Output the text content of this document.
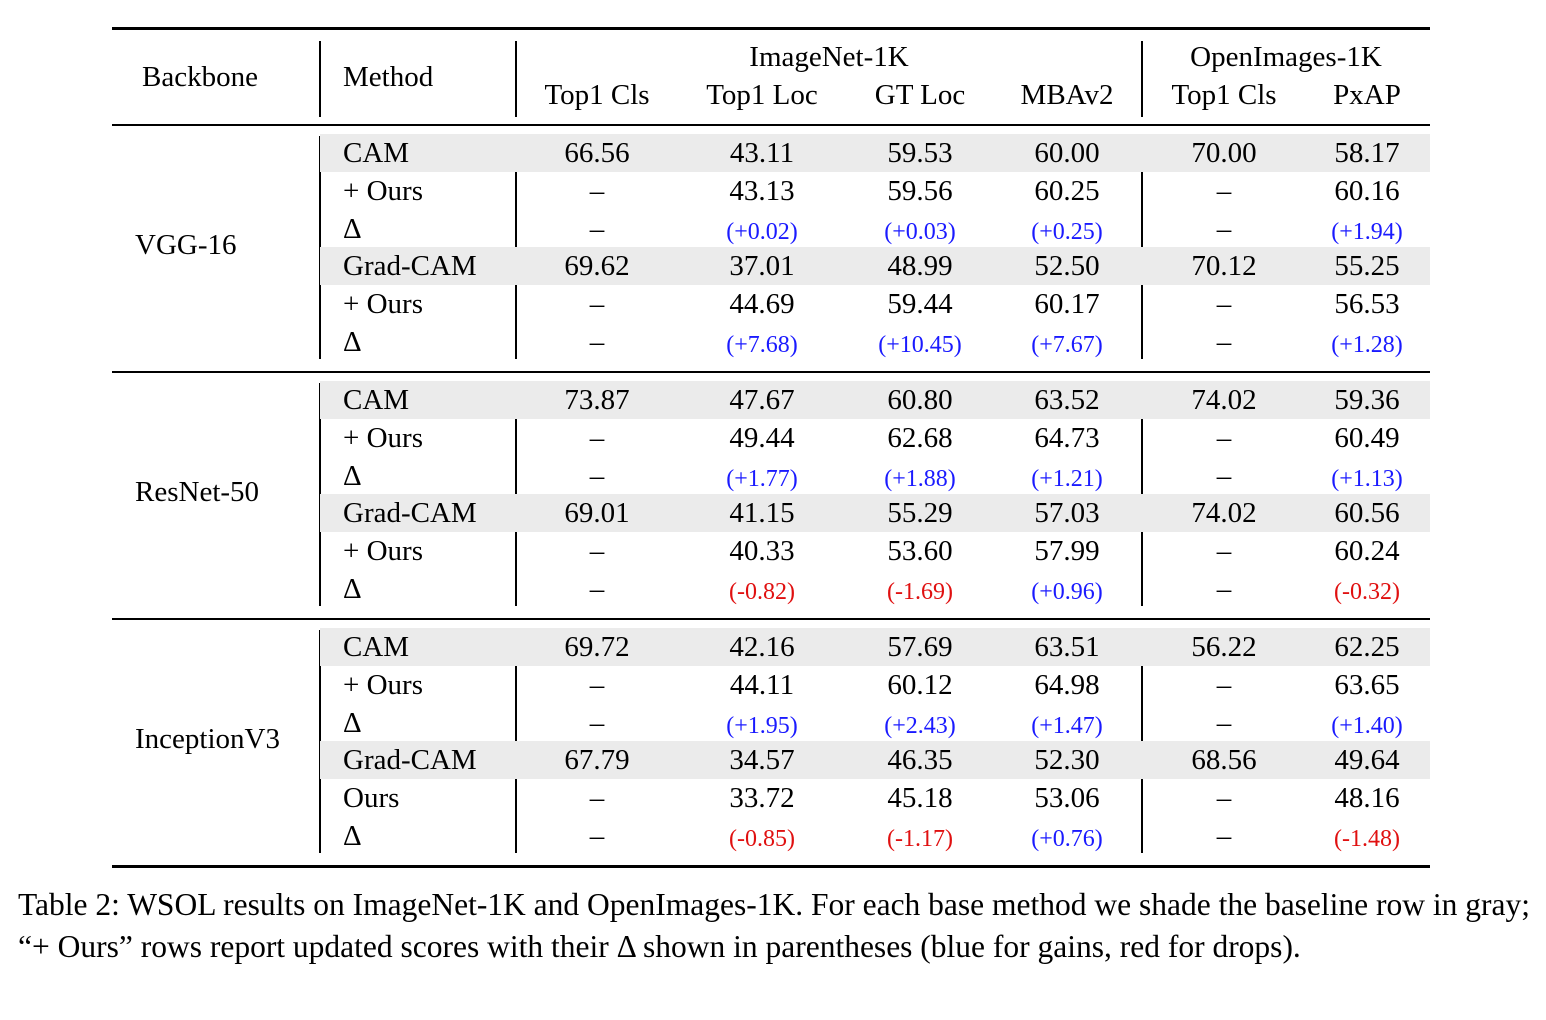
Backbone	Method
ImageNet-1K	OpenImages-1K
Top1 Cls	Top1 Loc	GT Loc	MBAv2	Top1 Cls	PxAP
VGG-16
CAM	66.56	43.11	59.53	60.00	70.00	58.17
+ Ours	–	43.13	59.56	60.25	–	60.16
Δ	–	(+0.02)	(+0.03)	(+0.25)	–	(+1.94)
Grad-CAM	69.62	37.01	48.99	52.50	70.12	55.25
+ Ours	–	44.69	59.44	60.17	–	56.53
Δ	–	(+7.68)	(+10.45)	(+7.67)	–	(+1.28)
ResNet-50
CAM	73.87	47.67	60.80	63.52	74.02	59.36
+ Ours	–	49.44	62.68	64.73	–	60.49
Δ	–	(+1.77)	(+1.88)	(+1.21)	–	(+1.13)
Grad-CAM	69.01	41.15	55.29	57.03	74.02	60.56
+ Ours	–	40.33	53.60	57.99	–	60.24
Δ	–	(-0.82)	(-1.69)	(+0.96)	–	(-0.32)
InceptionV3
CAM	69.72	42.16	57.69	63.51	56.22	62.25
+ Ours	–	44.11	60.12	64.98	–	63.65
Δ	–	(+1.95)	(+2.43)	(+1.47)	–	(+1.40)
Grad-CAM	67.79	34.57	46.35	52.30	68.56	49.64
Ours	–	33.72	45.18	53.06	–	48.16
Δ	–	(-0.85)	(-1.17)	(+0.76)	–	(-1.48)
Table 2: WSOL results on ImageNet-1K and OpenImages-1K. For each base method we shade the baseline row in gray; “+ Ours” rows report updated scores with their Δ shown in parentheses (blue for gains, red for drops).
